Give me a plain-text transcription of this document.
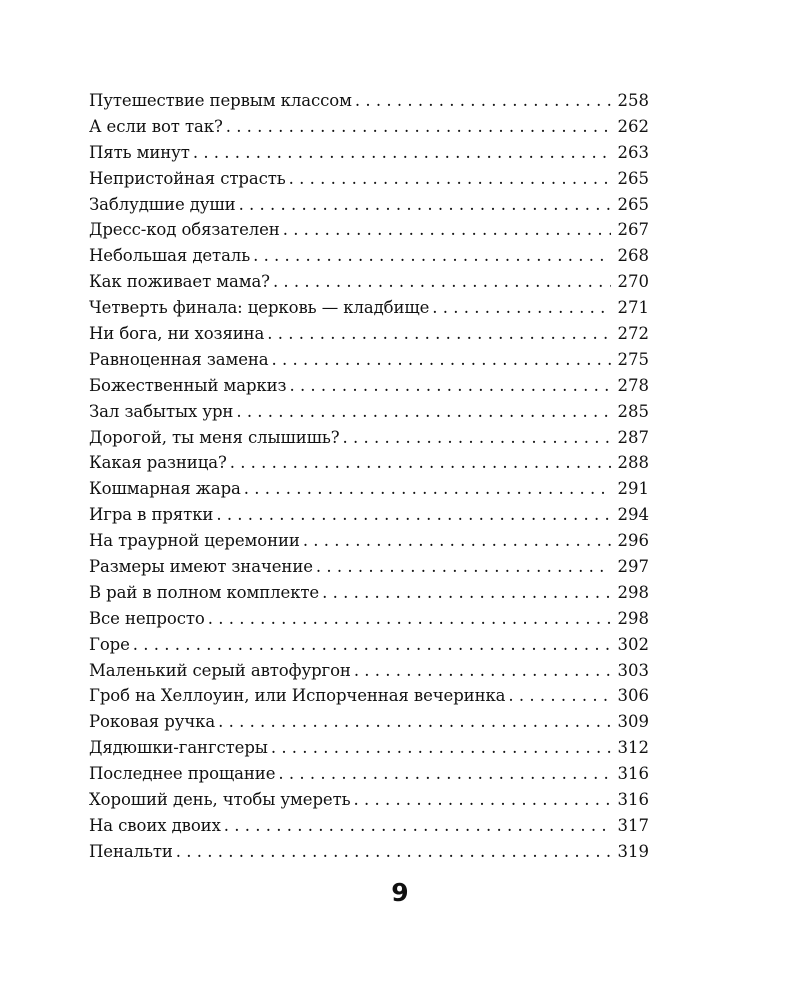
Путешествие первым классом . . .	258
А если вот так? . . .	262
Пять минут . . .	263
Непристойная страсть . . .	265
Заблудшие души . . .	265
Дресс-код обязателен . . .	267
Небольшая деталь . . .	268
Как поживает мама? . . .	270
Четверть финала: церковь — кладбище . . .	271
Ни бога, ни хозяина . . .	272
Равноценная замена . . .	275
Божественный маркиз . . .	278
Зал забытых урн . . .	285
Дорогой, ты меня слышишь? . . .	287
Какая разница? . . .	288
Кошмарная жара . . .	291
Игра в прятки . . .	294
На траурной церемонии . . .	296
Размеры имеют значение . . .	297
В рай в полном комплекте . . .	298
Все непросто . . .	298
Горе . . .	302
Маленький серый автофургон . . .	303
Гроб на Хеллоуин, или Испорченная вечеринка . . .	306
Роковая ручка . . .	309
Дядюшки-гангстеры . . .	312
Последнее прощание . . .	316
Хороший день, чтобы умереть . . .	316
На своих двоих . . .	317
Пенальти . . .	319
9
